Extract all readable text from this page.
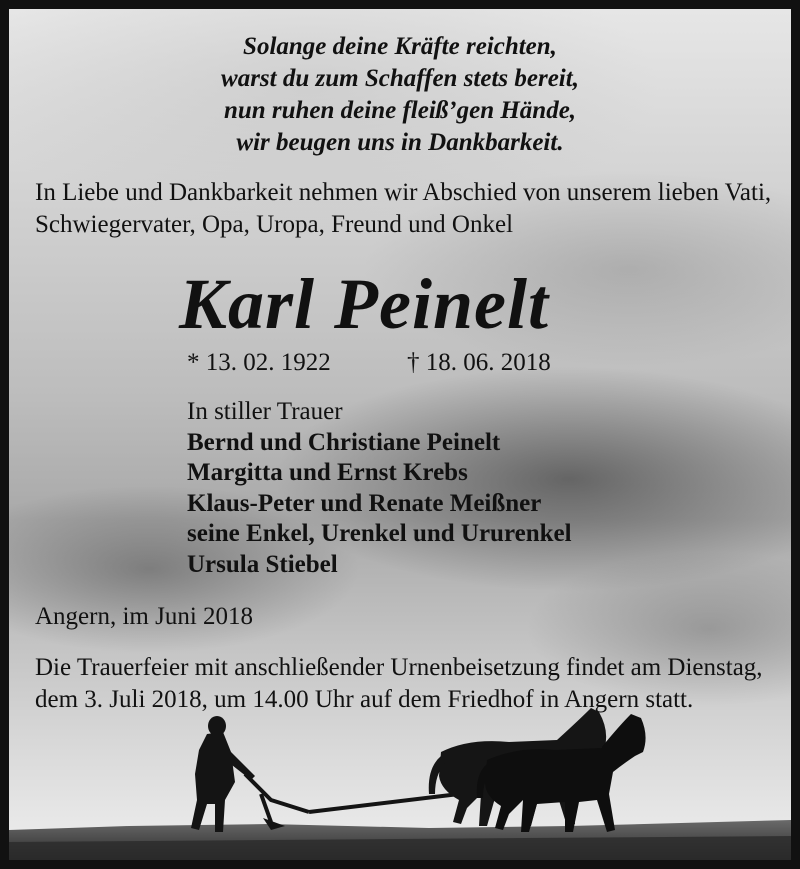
Solange deine Kräfte reichten,
warst du zum Schaffen stets bereit,
nun ruhen deine fleiß’gen Hände,
wir beugen uns in Dankbarkeit.

In Liebe und Dankbarkeit nehmen wir Abschied von unserem lieben Vati, Schwiegervater, Opa, Uropa, Freund und Onkel

Karl Peinelt
* 13. 02. 1922	† 18. 06. 2018
In stiller Trauer
Bernd und Christiane Peinelt
Margitta und Ernst Krebs
Klaus-Peter und Renate Meißner
seine Enkel, Urenkel und Ururenkel
Ursula Stiebel

Angern, im Juni 2018

Die Trauerfeier mit anschließender Urnenbeisetzung findet am Dienstag, dem 3. Juli 2018, um 14.00 Uhr auf dem Friedhof in Angern statt.
